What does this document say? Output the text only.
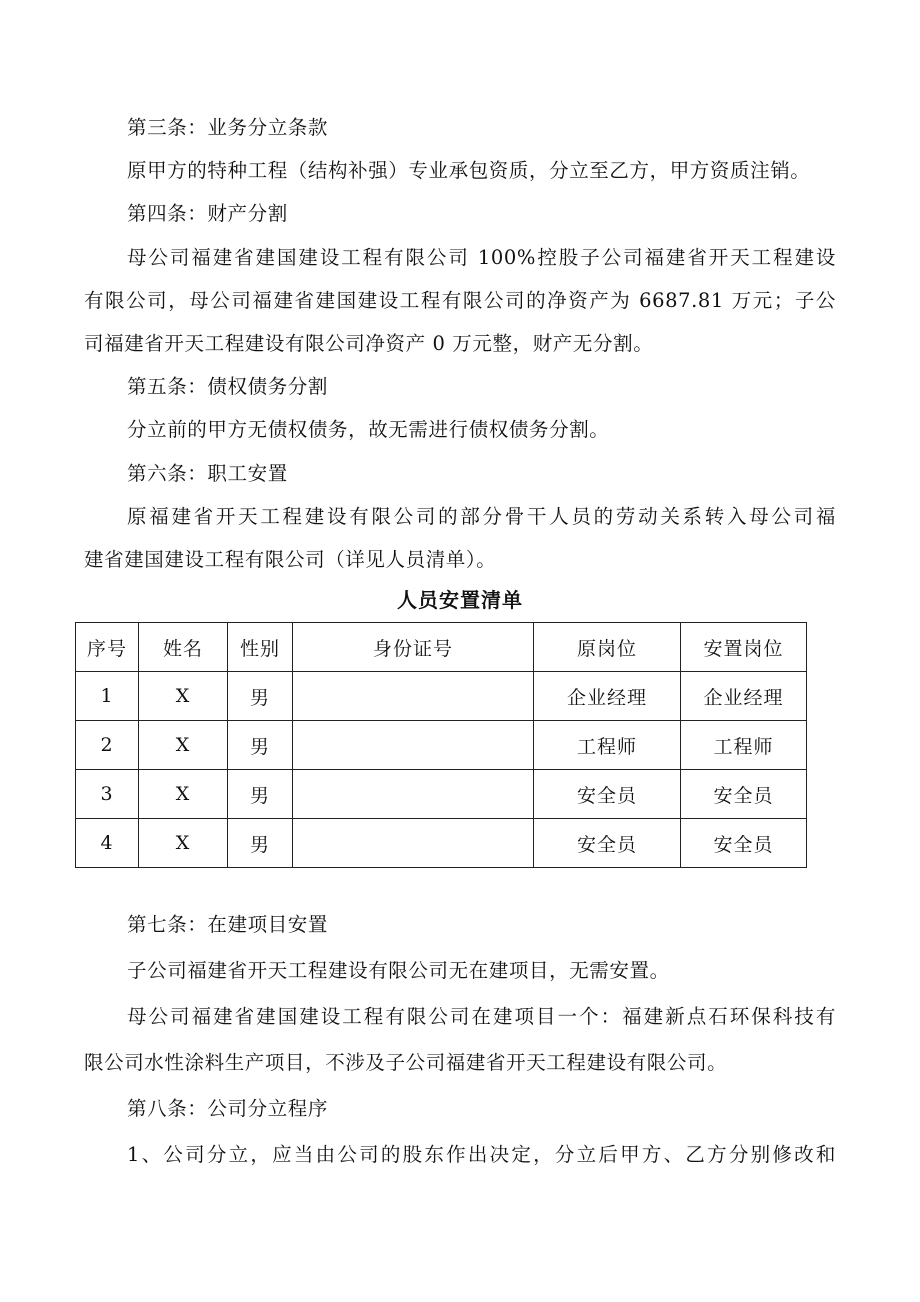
第三条：业务分立条款
原甲方的特种工程（结构补强）专业承包资质，分立至乙方，甲方资质注销。
第四条：财产分割
母公司福建省建国建设工程有限公司 100%控股子公司福建省开天工程建设
有限公司，母公司福建省建国建设工程有限公司的净资产为 6687.81 万元；子公
司福建省开天工程建设有限公司净资产 0 万元整，财产无分割。
第五条：债权债务分割
分立前的甲方无债权债务，故无需进行债权债务分割。
第六条：职工安置
原福建省开天工程建设有限公司的部分骨干人员的劳动关系转入母公司福
建省建国建设工程有限公司（详见人员清单）。
人员安置清单
序号	姓名	性别	身份证号	原岗位	安置岗位
1	X	男		企业经理	企业经理
2	X	男		工程师	工程师
3	X	男		安全员	安全员
4	X	男		安全员	安全员
第七条：在建项目安置
子公司福建省开天工程建设有限公司无在建项目，无需安置。
母公司福建省建国建设工程有限公司在建项目一个：福建新点石环保科技有
限公司水性涂料生产项目，不涉及子公司福建省开天工程建设有限公司。
第八条：公司分立程序
1、公司分立，应当由公司的股东作出决定，分立后甲方、乙方分别修改和
